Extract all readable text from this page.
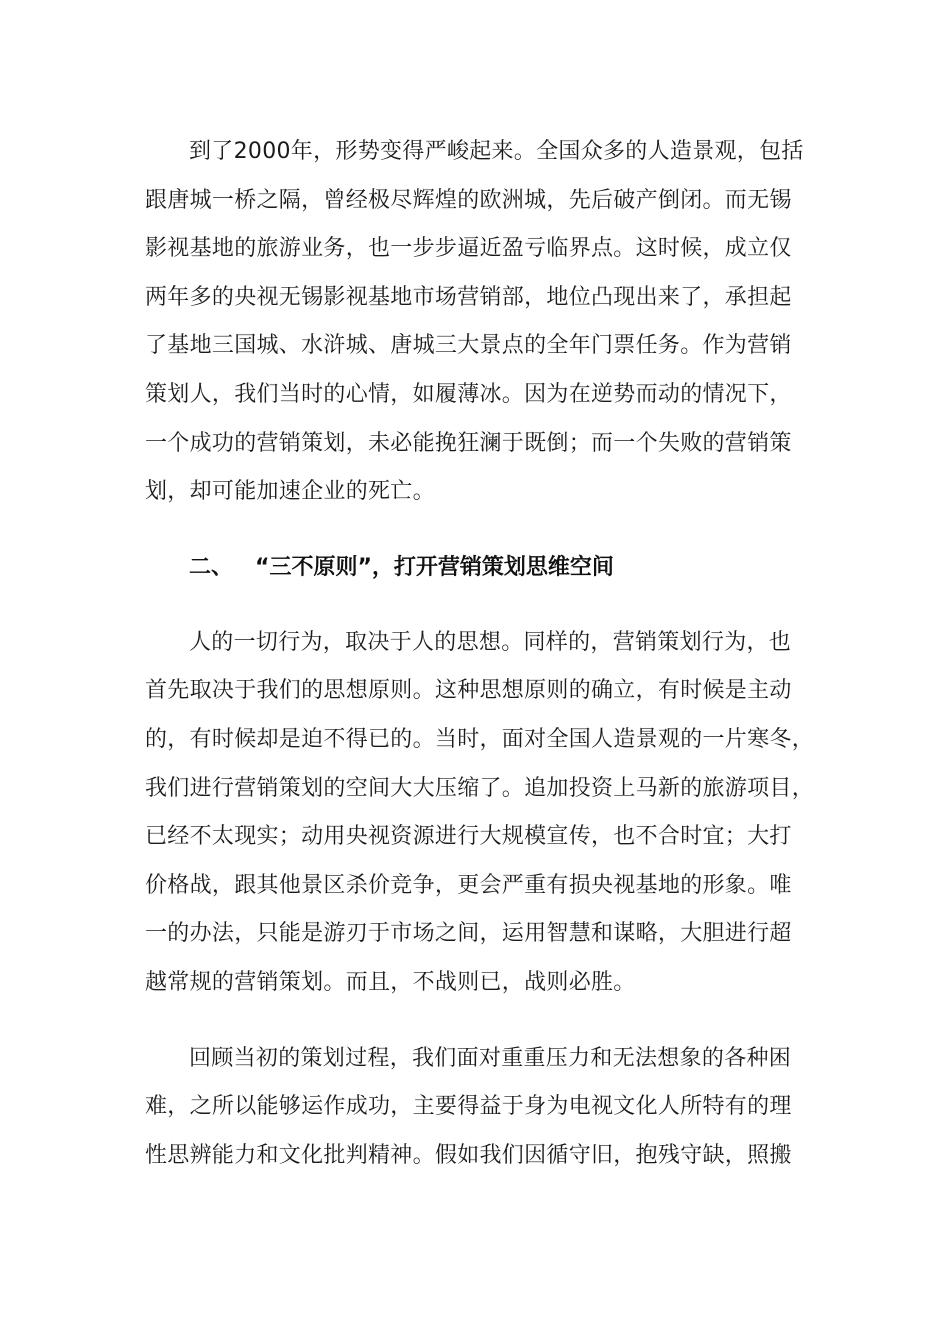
到了2000年，形势变得严峻起来。全国众多的人造景观，包括
跟唐城一桥之隔，曾经极尽辉煌的欧洲城，先后破产倒闭。而无锡
影视基地的旅游业务，也一步步逼近盈亏临界点。这时候，成立仅
两年多的央视无锡影视基地市场营销部，地位凸现出来了，承担起
了基地三国城、水浒城、唐城三大景点的全年门票任务。作为营销
策划人，我们当时的心情，如履薄冰。因为在逆势而动的情况下，
一个成功的营销策划，未必能挽狂澜于既倒；而一个失败的营销策
划，却可能加速企业的死亡。
二、 “三不原则”，打开营销策划思维空间
人的一切行为，取决于人的思想。同样的，营销策划行为，也
首先取决于我们的思想原则。这种思想原则的确立，有时候是主动
的，有时候却是迫不得已的。当时，面对全国人造景观的一片寒冬，
我们进行营销策划的空间大大压缩了。追加投资上马新的旅游项目，
已经不太现实；动用央视资源进行大规模宣传，也不合时宜；大打
价格战，跟其他景区杀价竞争，更会严重有损央视基地的形象。唯
一的办法，只能是游刃于市场之间，运用智慧和谋略，大胆进行超
越常规的营销策划。而且，不战则已，战则必胜。
回顾当初的策划过程，我们面对重重压力和无法想象的各种困
难，之所以能够运作成功，主要得益于身为电视文化人所特有的理
性思辨能力和文化批判精神。假如我们因循守旧，抱残守缺，照搬
